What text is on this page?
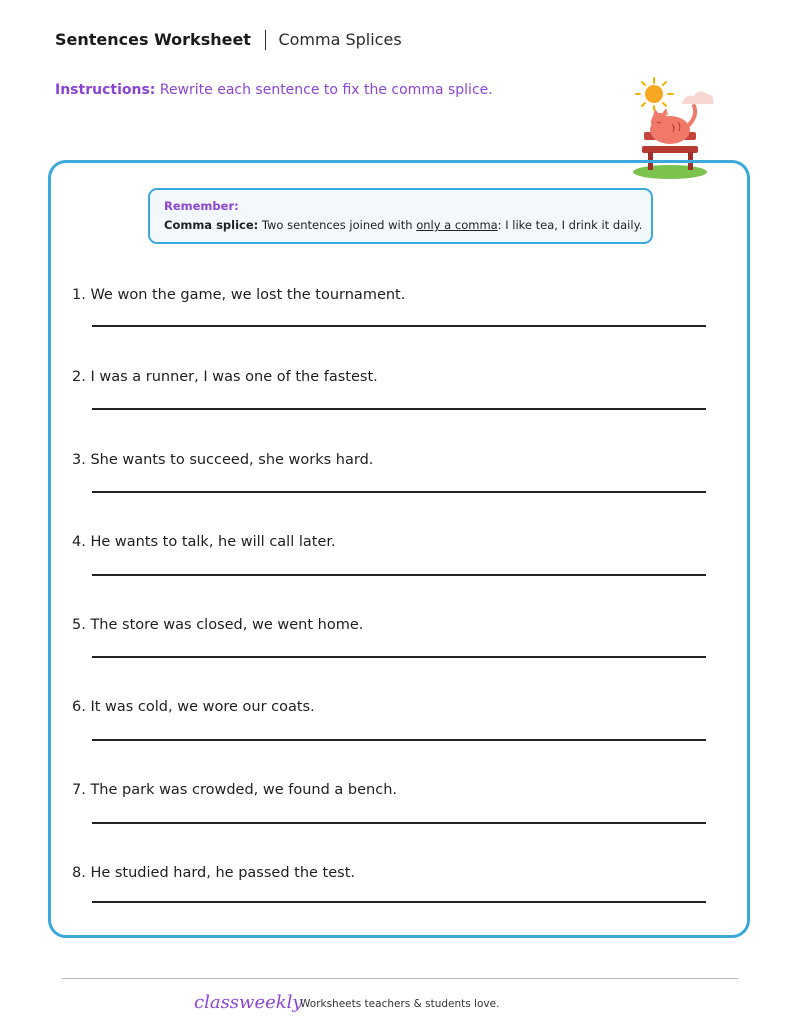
Sentences Worksheet Comma Splices
Instructions: Rewrite each sentence to fix the comma splice.
Remember:
Comma splice: Two sentences joined with only a comma: I like tea, I drink it daily.
1. We won the game, we lost the tournament.
2. I was a runner, I was one of the fastest.
3. She wants to succeed, she works hard.
4. He wants to talk, he will call later.
5. The store was closed, we went home.
6. It was cold, we wore our coats.
7. The park was crowded, we found a bench.
8. He studied hard, he passed the test.
classweekly
Worksheets teachers & students love.
